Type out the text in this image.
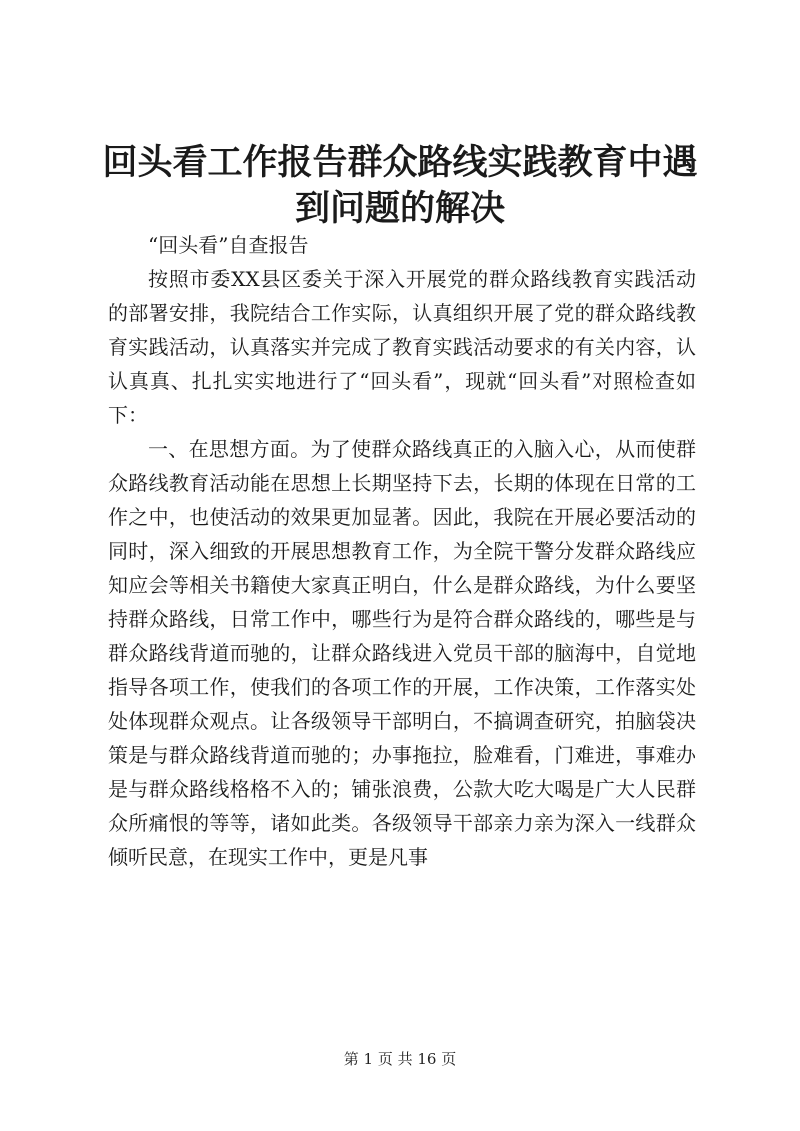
回头看工作报告群众路线实践教育中遇到问题的解决

“回头看”自查报告

按照市委XX县区委关于深入开展党的群众路线教育实践活动的部署安排，我院结合工作实际，认真组织开展了党的群众路线教育实践活动，认真落实并完成了教育实践活动要求的有关内容，认认真真、扎扎实实地进行了“回头看”，现就“回头看”对照检查如下：

一、在思想方面。为了使群众路线真正的入脑入心，从而使群众路线教育活动能在思想上长期坚持下去，长期的体现在日常的工作之中，也使活动的效果更加显著。因此，我院在开展必要活动的同时，深入细致的开展思想教育工作，为全院干警分发群众路线应知应会等相关书籍使大家真正明白，什么是群众路线，为什么要坚持群众路线，日常工作中，哪些行为是符合群众路线的，哪些是与群众路线背道而驰的，让群众路线进入党员干部的脑海中，自觉地指导各项工作，使我们的各项工作的开展，工作决策，工作落实处处体现群众观点。让各级领导干部明白，不搞调查研究，拍脑袋决策是与群众路线背道而驰的；办事拖拉，脸难看，门难进，事难办是与群众路线格格不入的；铺张浪费，公款大吃大喝是广大人民群众所痛恨的等等，诸如此类。各级领导干部亲力亲为深入一线群众倾听民意，在现实工作中，更是凡事

第 1 页 共 16 页
